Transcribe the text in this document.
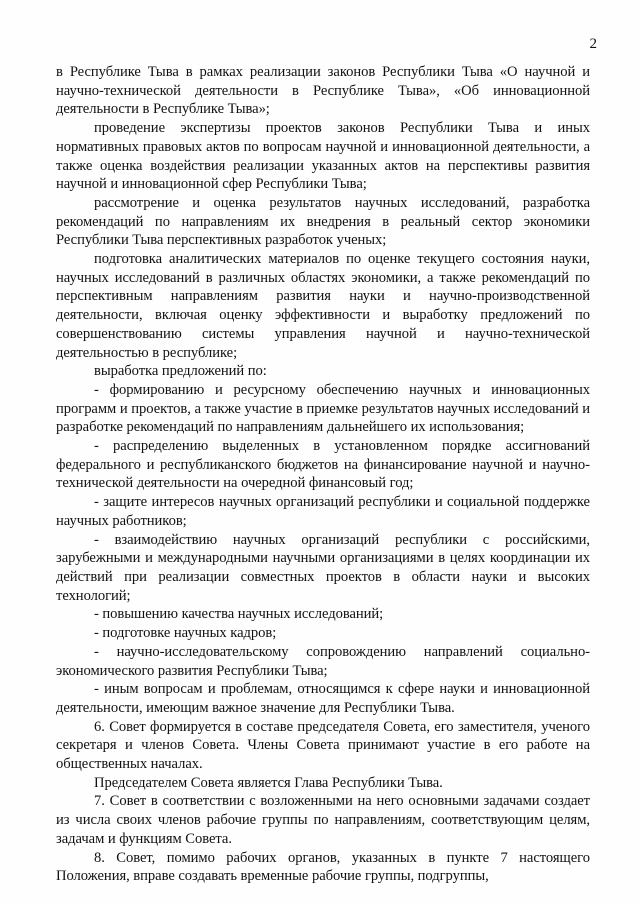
2

в Республике Тыва в рамках реализации законов Республики Тыва «О научной и научно-технической деятельности в Республике Тыва», «Об инновационной деятельности в Республике Тыва»;

проведение экспертизы проектов законов Республики Тыва и иных нормативных правовых актов по вопросам научной и инновационной деятельности, а также оценка воздействия реализации указанных актов на перспективы развития научной и инновационной сфер Республики Тыва;

рассмотрение и оценка результатов научных исследований, разработка рекомендаций по направлениям их внедрения в реальный сектор экономики Республики Тыва перспективных разработок ученых;

подготовка аналитических материалов по оценке текущего состояния науки, научных исследований в различных областях экономики, а также рекомендаций по перспективным направлениям развития науки и научно-производственной деятельности, включая оценку эффективности и выработку предложений по совершенствованию системы управления научной и научно-технической деятельностью в республике;

выработка предложений по:

- формированию и ресурсному обеспечению научных и инновационных программ и проектов, а также участие в приемке результатов научных исследований и разработке рекомендаций по направлениям дальнейшего их использования;

- распределению выделенных в установленном порядке ассигнований федерального и республиканского бюджетов на финансирование научной и научно-технической деятельности на очередной финансовый год;

- защите интересов научных организаций республики и социальной поддержке научных работников;

- взаимодействию научных организаций республики с российскими, зарубежными и международными научными организациями в целях координации их действий при реализации совместных проектов в области науки и высоких технологий;

- повышению качества научных исследований;

- подготовке научных кадров;

- научно-исследовательскому сопровождению направлений социально-экономического развития Республики Тыва;

- иным вопросам и проблемам, относящимся к сфере науки и инновационной деятельности, имеющим важное значение для Республики Тыва.

6. Совет формируется в составе председателя Совета, его заместителя, ученого секретаря и членов Совета. Члены Совета принимают участие в его работе на общественных началах.

Председателем Совета является Глава Республики Тыва.

7. Совет в соответствии с возложенными на него основными задачами создает из числа своих членов рабочие группы по направлениям, соответствующим целям, задачам и функциям Совета.

8. Совет, помимо рабочих органов, указанных в пункте 7 настоящего Положения, вправе создавать временные рабочие группы, подгруппы,
